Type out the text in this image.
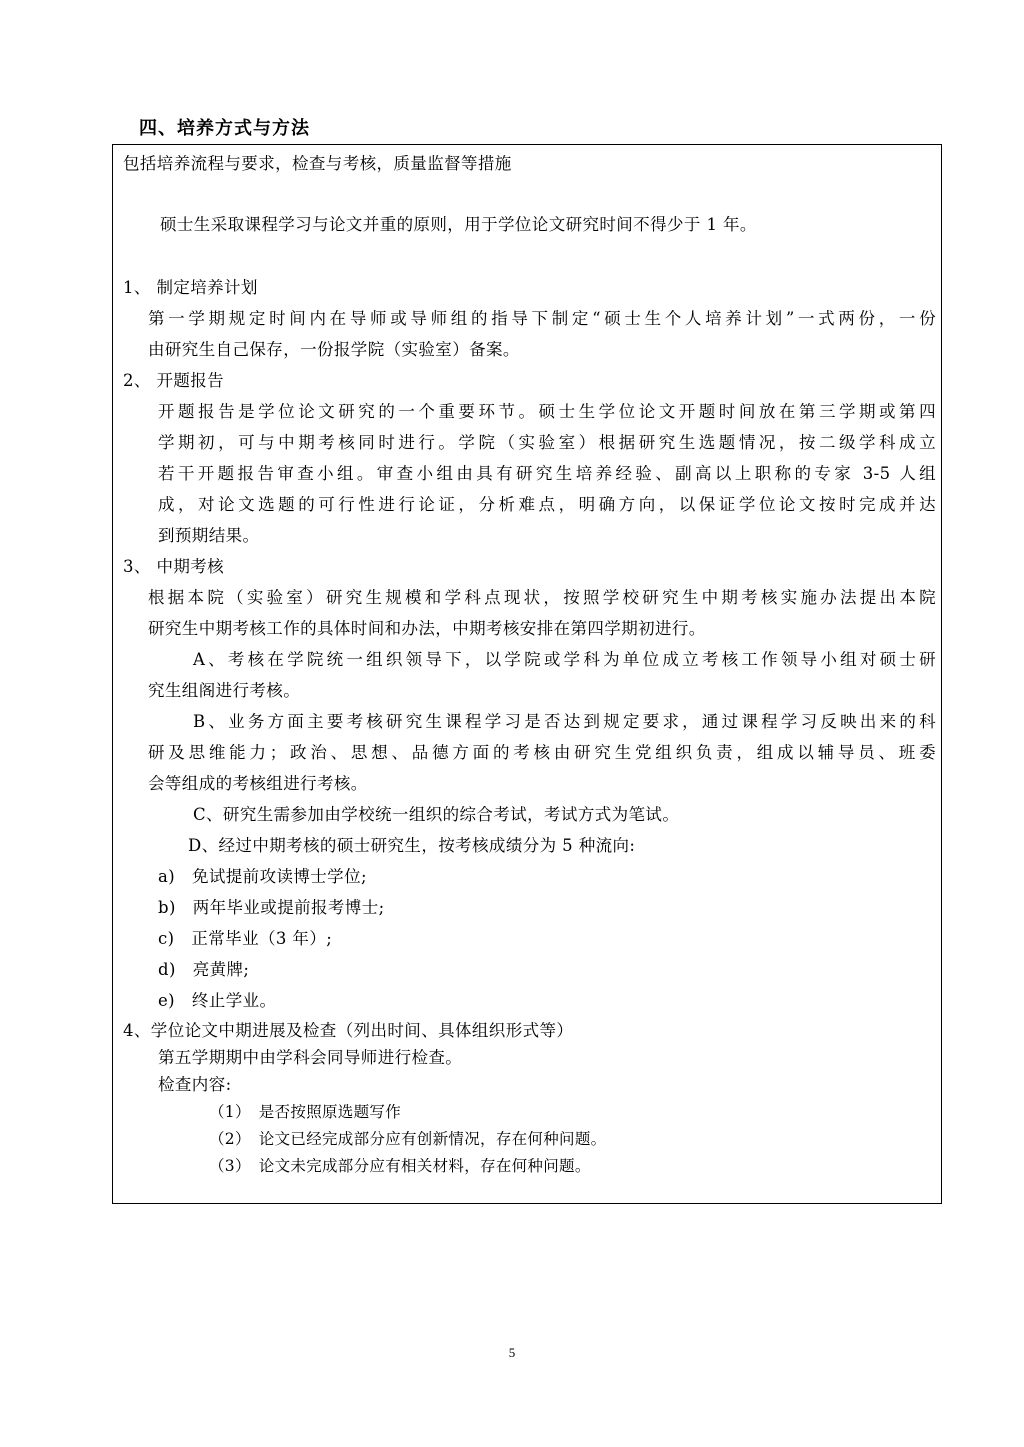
四、培养方式与方法
包括培养流程与要求，检查与考核，质量监督等措施
硕士生采取课程学习与论文并重的原则，用于学位论文研究时间不得少于 1 年。
1、 制定培养计划
第一学期规定时间内在导师或导师组的指导下制定“硕士生个人培养计划”一式两份，一份
由研究生自己保存，一份报学院（实验室）备案。
2、 开题报告
开题报告是学位论文研究的一个重要环节。硕士生学位论文开题时间放在第三学期或第四
学期初，可与中期考核同时进行。学院（实验室）根据研究生选题情况，按二级学科成立
若干开题报告审查小组。审查小组由具有研究生培养经验、副高以上职称的专家 3-5 人组
成，对论文选题的可行性进行论证，分析难点，明确方向，以保证学位论文按时完成并达
到预期结果。
3、 中期考核
根据本院（实验室）研究生规模和学科点现状，按照学校研究生中期考核实施办法提出本院
研究生中期考核工作的具体时间和办法，中期考核安排在第四学期初进行。
A、考核在学院统一组织领导下，以学院或学科为单位成立考核工作领导小组对硕士研
究生组阁进行考核。
B、业务方面主要考核研究生课程学习是否达到规定要求，通过课程学习反映出来的科
研及思维能力；政治、思想、品德方面的考核由研究生党组织负责，组成以辅导员、班委
会等组成的考核组进行考核。
C、研究生需参加由学校统一组织的综合考试，考试方式为笔试。
D、经过中期考核的硕士研究生，按考核成绩分为 5 种流向:
a)　免试提前攻读博士学位;
b)　两年毕业或提前报考博士;
c)　正常毕业（3 年）;
d)　亮黄牌;
e)　终止学业。
4、学位论文中期进展及检查（列出时间、具体组织形式等）
第五学期期中由学科会同导师进行检查。
检查内容:
（1）　是否按照原选题写作
（2）　论文已经完成部分应有创新情况，存在何种问题。
（3）　论文未完成部分应有相关材料，存在何种问题。
5
